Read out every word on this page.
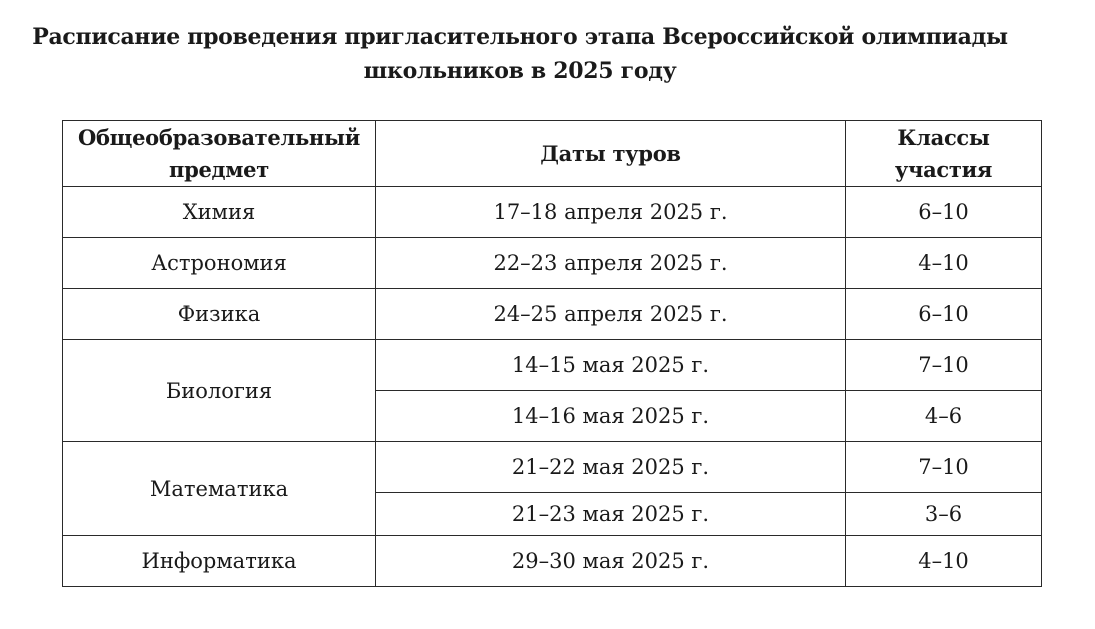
Расписание проведения пригласительного этапа Всероссийской олимпиады
школьников в 2025 году
Общеобразовательный предмет	Даты туров	Классы участия
Химия	17–18 апреля 2025 г.	6–10
Астрономия	22–23 апреля 2025 г.	4–10
Физика	24–25 апреля 2025 г.	6–10
Биология	14–15 мая 2025 г.	7–10
	14–16 мая 2025 г.	4–6
Математика	21–22 мая 2025 г.	7–10
	21–23 мая 2025 г.	3–6
Информатика	29–30 мая 2025 г.	4–10
